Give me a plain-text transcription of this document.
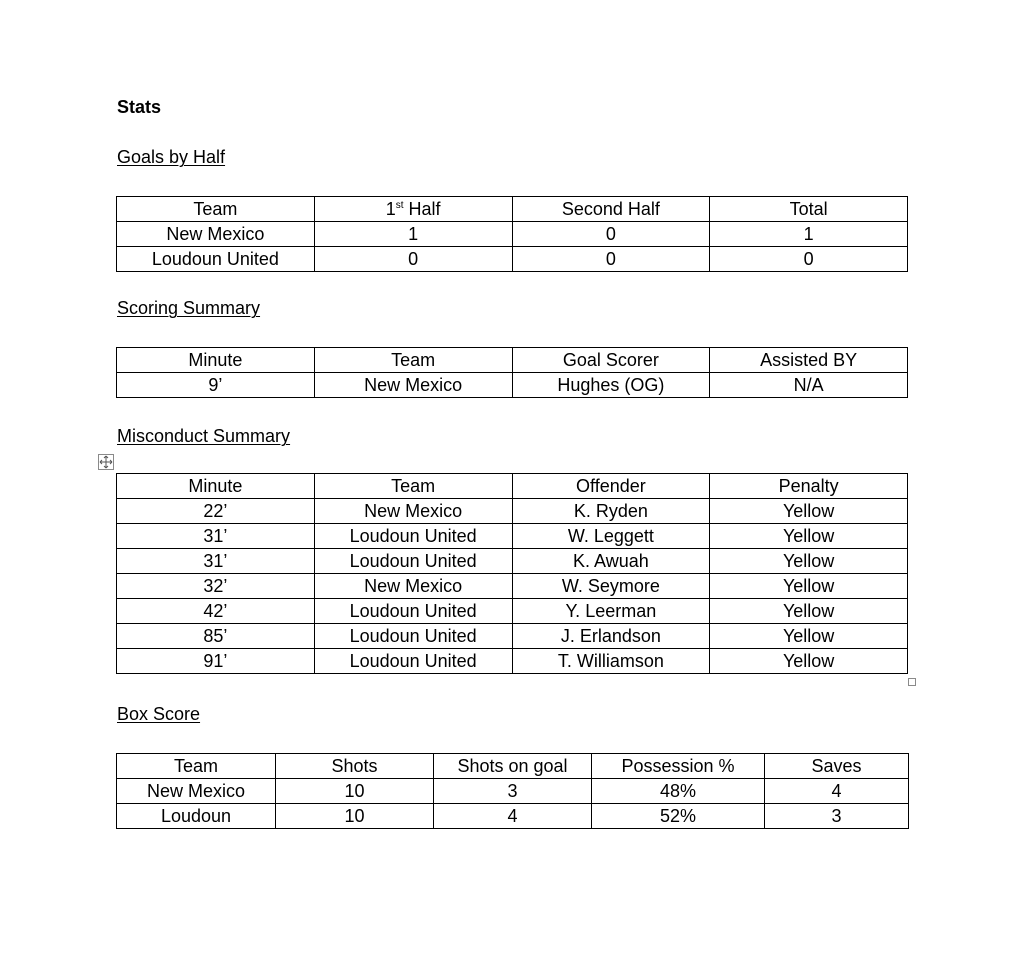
Stats
Goals by Half
Team	1st Half	Second Half	Total
New Mexico	1	0	1
Loudoun United	0	0	0
Scoring Summary
Minute	Team	Goal Scorer	Assisted BY
9’	New Mexico	Hughes (OG)	N/A
Misconduct Summary
Minute	Team	Offender	Penalty
22’	New Mexico	K. Ryden	Yellow
31’	Loudoun United	W. Leggett	Yellow
31’	Loudoun United	K. Awuah	Yellow
32’	New Mexico	W. Seymore	Yellow
42’	Loudoun United	Y. Leerman	Yellow
85’	Loudoun United	J. Erlandson	Yellow
91’	Loudoun United	T. Williamson	Yellow
Box Score
Team	Shots	Shots on goal	Possession %	Saves
New Mexico	10	3	48%	4
Loudoun	10	4	52%	3
